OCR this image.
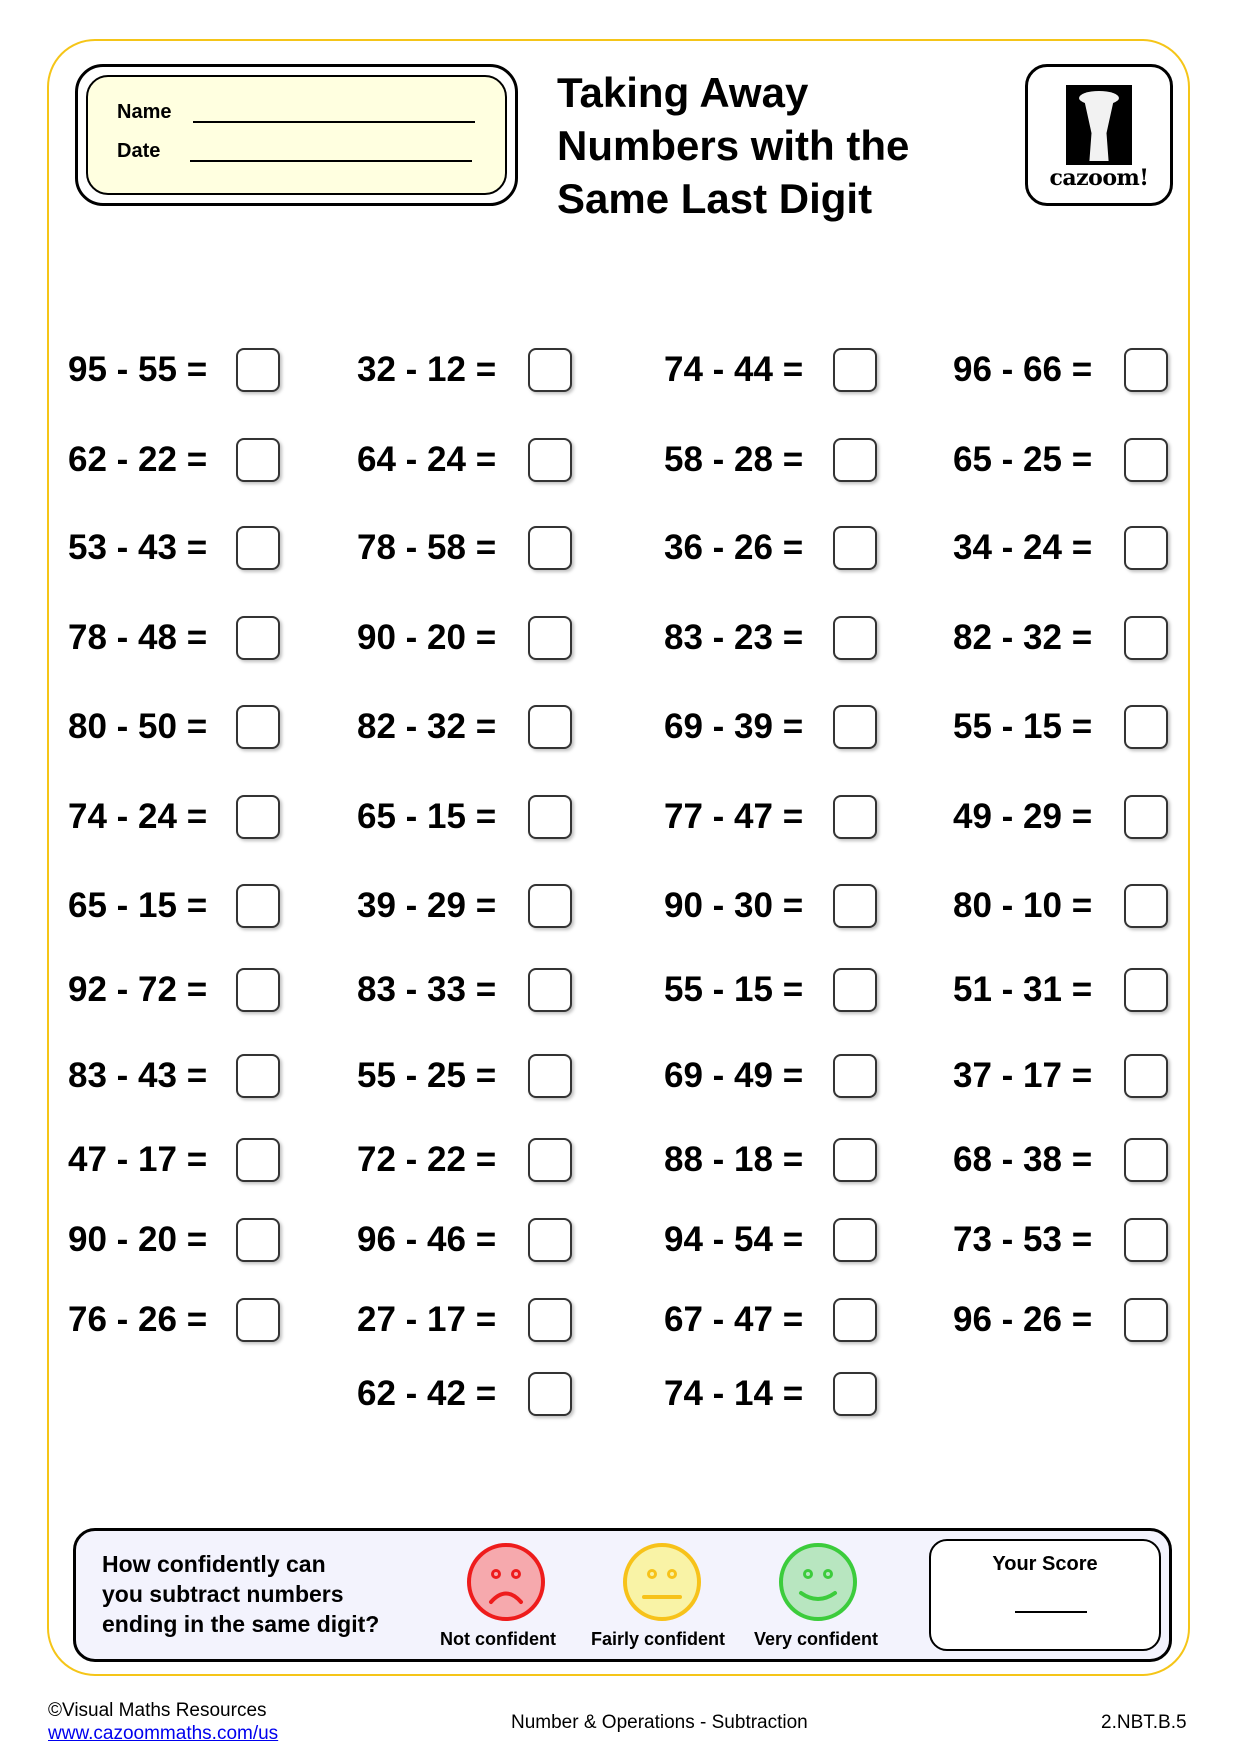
Name
Date
Taking Away
Numbers with the
Same Last Digit	cazoom!
95 - 55 =
62 - 22 =
53 - 43 =
78 - 48 =
80 - 50 =
74 - 24 =
65 - 15 =
92 - 72 =
83 - 43 =
47 - 17 =
90 - 20 =
76 - 26 =
32 - 12 =
64 - 24 =
78 - 58 =
90 - 20 =
82 - 32 =
65 - 15 =
39 - 29 =
83 - 33 =
55 - 25 =
72 - 22 =
96 - 46 =
27 - 17 =
62 - 42 =
74 - 44 =
58 - 28 =
36 - 26 =
83 - 23 =
69 - 39 =
77 - 47 =
90 - 30 =
55 - 15 =
69 - 49 =
88 - 18 =
94 - 54 =
67 - 47 =
74 - 14 =
96 - 66 =
65 - 25 =
34 - 24 =
82 - 32 =
55 - 15 =
49 - 29 =
80 - 10 =
51 - 31 =
37 - 17 =
68 - 38 =
73 - 53 =
96 - 26 =
How confidently can
you subtract numbers
ending in the same digit?
Not confident Fairly confident Very confident
Your Score
©Visual Maths Resources
www.cazoommaths.com/us
Number & Operations - Subtraction	2.NBT.B.5
